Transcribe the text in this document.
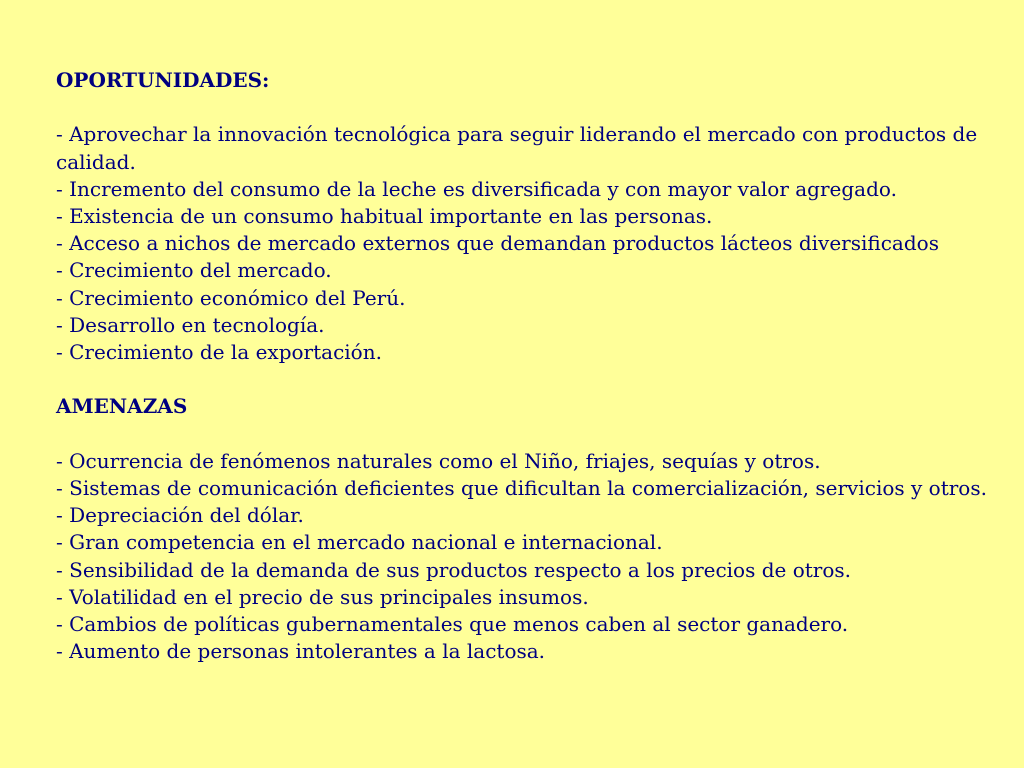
OPORTUNIDADES:

- Aprovechar la innovación tecnológica para seguir liderando el mercado con productos de calidad.

- Incremento del consumo de la leche es diversificada y con mayor valor agregado.

- Existencia de un consumo habitual importante en las personas.

- Acceso a nichos de mercado externos que demandan productos lácteos diversificados

- Crecimiento del mercado.

- Crecimiento económico del Perú.

- Desarrollo en tecnología.

- Crecimiento de la exportación.

AMENAZAS

- Ocurrencia de fenómenos naturales como el Niño, friajes, sequías y otros.

- Sistemas de comunicación deficientes que dificultan la comercialización, servicios y otros.

- Depreciación del dólar.

- Gran competencia en el mercado nacional e internacional.

- Sensibilidad de la demanda de sus productos respecto a los precios de otros.

- Volatilidad en el precio de sus principales insumos.

- Cambios de políticas gubernamentales que menos caben al sector ganadero.

- Aumento de personas intolerantes a la lactosa.
